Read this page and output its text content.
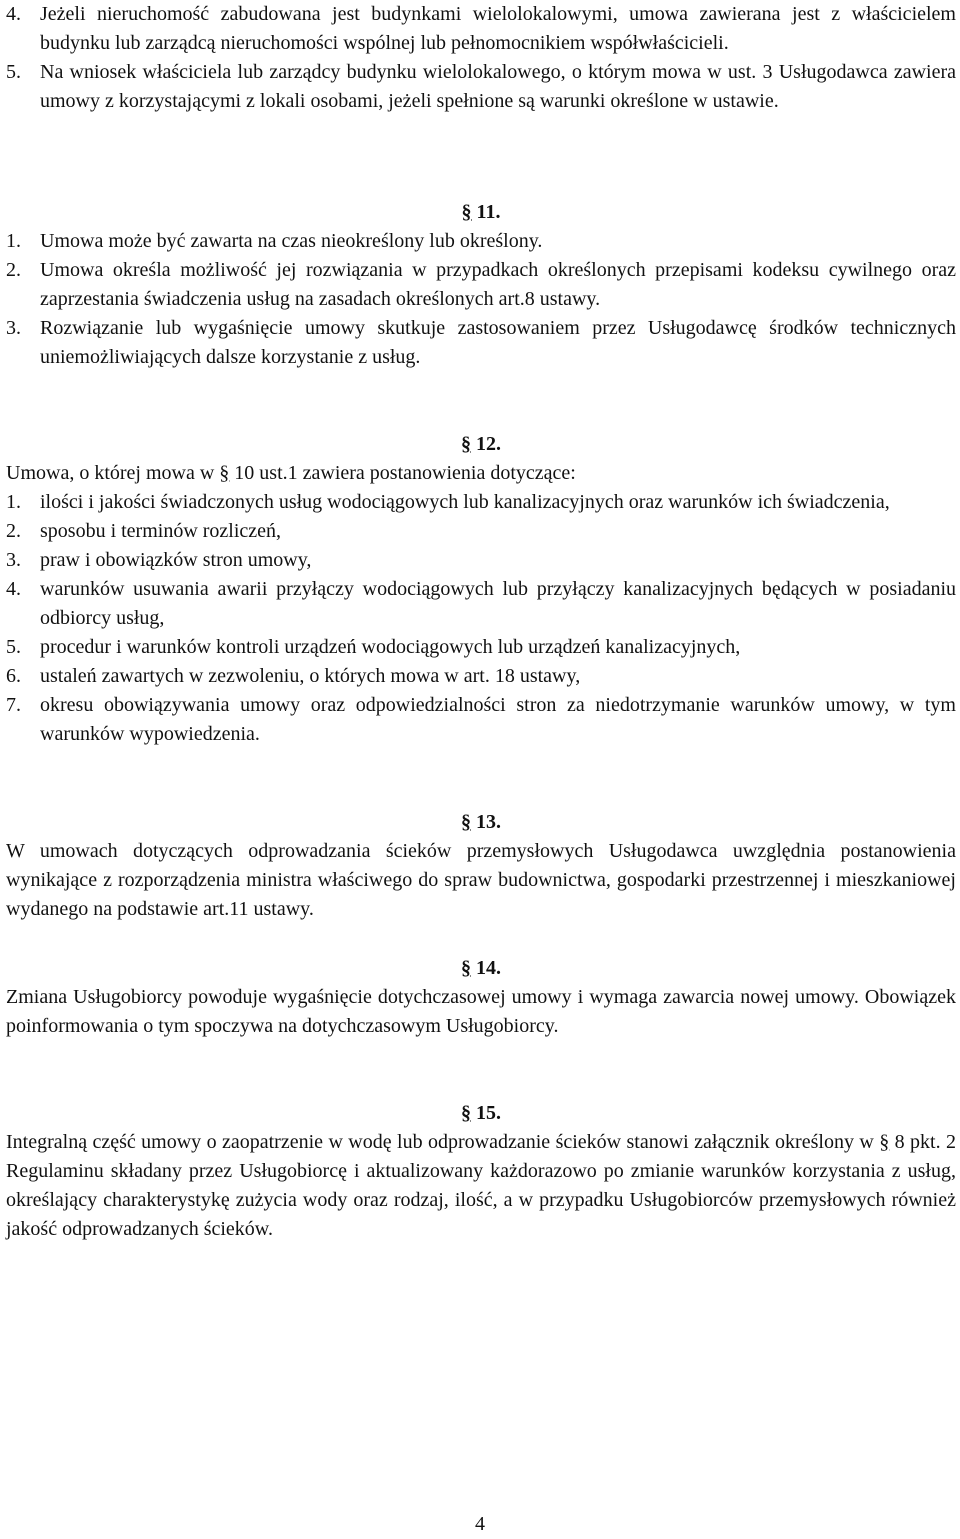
4. Jeżeli nieruchomość zabudowana jest budynkami wielolokalowymi, umowa zawierana jest z właścicielem budynku lub zarządcą nieruchomości wspólnej lub pełnomocnikiem współwłaścicieli.
5. Na wniosek właściciela lub zarządcy budynku wielolokalowego, o którym mowa w ust. 3 Usługodawca zawiera umowy z korzystającymi z lokali osobami, jeżeli spełnione są warunki określone w ustawie.
§ 11.
1. Umowa może być zawarta na czas nieokreślony lub określony.
2. Umowa określa możliwość jej rozwiązania w przypadkach określonych przepisami kodeksu cywilnego oraz zaprzestania świadczenia usług na zasadach określonych art.8 ustawy.
3. Rozwiązanie lub wygaśnięcie umowy skutkuje zastosowaniem przez Usługodawcę środków technicznych uniemożliwiających dalsze korzystanie z usług.
§ 12.
Umowa, o której mowa w § 10 ust.1 zawiera postanowienia dotyczące:
1. ilości i jakości świadczonych usług wodociągowych lub kanalizacyjnych oraz warunków ich świadczenia,
2. sposobu i terminów rozliczeń,
3. praw i obowiązków stron umowy,
4. warunków usuwania awarii przyłączy wodociągowych lub przyłączy kanalizacyjnych będących w posiadaniu odbiorcy usług,
5. procedur i warunków kontroli urządzeń wodociągowych lub urządzeń kanalizacyjnych,
6. ustaleń zawartych w zezwoleniu, o których mowa w art. 18 ustawy,
7. okresu obowiązywania umowy oraz odpowiedzialności stron za niedotrzymanie warunków umowy, w tym warunków wypowiedzenia.
§ 13.
W umowach dotyczących odprowadzania ścieków przemysłowych Usługodawca uwzględnia postanowienia wynikające z rozporządzenia ministra właściwego do spraw budownictwa, gospodarki przestrzennej i mieszkaniowej wydanego na podstawie art.11 ustawy.
§ 14.
Zmiana Usługobiorcy powoduje wygaśnięcie dotychczasowej umowy i wymaga zawarcia nowej umowy. Obowiązek poinformowania o tym spoczywa na dotychczasowym Usługobiorcy.
§ 15.
Integralną część umowy o zaopatrzenie w wodę lub odprowadzanie ścieków stanowi załącznik określony w § 8 pkt. 2 Regulaminu składany przez Usługobiorcę i aktualizowany każdorazowo po zmianie warunków korzystania z usług, określający charakterystykę zużycia wody oraz rodzaj, ilość, a w przypadku Usługobiorców przemysłowych również jakość odprowadzanych ścieków.
4
